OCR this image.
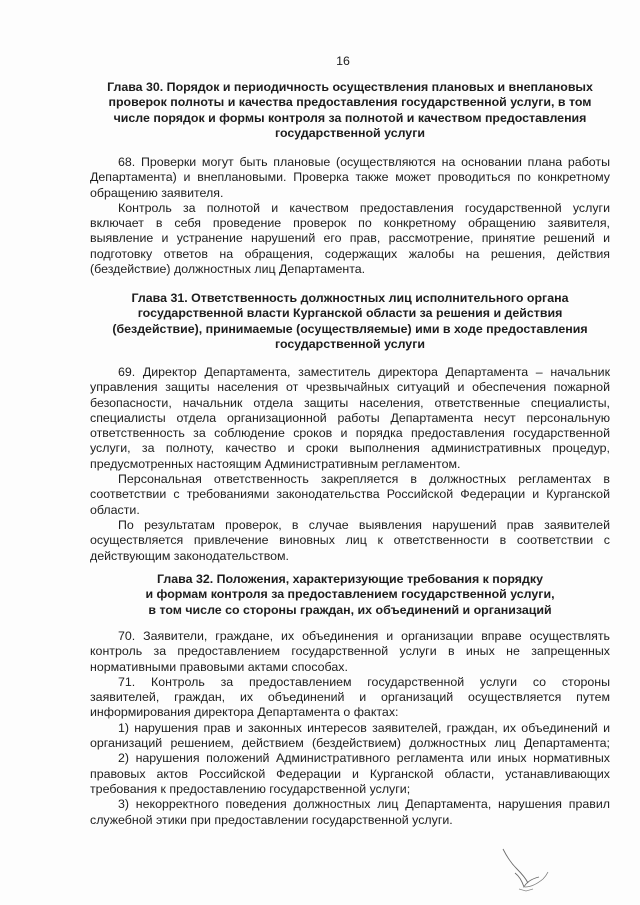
16
Глава 30. Порядок и периодичность осуществления плановых и внеплановых
проверок полноты и качества предоставления государственной услуги, в том
числе порядок и формы контроля за полнотой и качеством предоставления
государственной услуги
68. Проверки могут быть плановые (осуществляются на основании плана работы
Департамента) и внеплановыми. Проверка также может проводиться по конкретному
обращению заявителя.
Контроль за полнотой и качеством предоставления государственной услуги
включает в себя проведение проверок по конкретному обращению заявителя,
выявление и устранение нарушений его прав, рассмотрение, принятие решений и
подготовку ответов на обращения, содержащих жалобы на решения, действия
(бездействие) должностных лиц Департамента.
Глава 31. Ответственность должностных лиц исполнительного органа
государственной власти Курганской области за решения и действия
(бездействие), принимаемые (осуществляемые) ими в ходе предоставления
государственной услуги
69. Директор Департамента, заместитель директора Департамента – начальник
управления защиты населения от чрезвычайных ситуаций и обеспечения пожарной
безопасности, начальник отдела защиты населения, ответственные специалисты,
специалисты отдела организационной работы Департамента несут персональную
ответственность за соблюдение сроков и порядка предоставления государственной
услуги, за полноту, качество и сроки выполнения административных процедур,
предусмотренных настоящим Административным регламентом.
Персональная ответственность закрепляется в должностных регламентах в
соответствии с требованиями законодательства Российской Федерации и Курганской
области.
По результатам проверок, в случае выявления нарушений прав заявителей
осуществляется привлечение виновных лиц к ответственности в соответствии с
действующим законодательством.
Глава 32. Положения, характеризующие требования к порядку
и формам контроля за предоставлением государственной услуги,
в том числе со стороны граждан, их объединений и организаций
70. Заявители, граждане, их объединения и организации вправе осуществлять
контроль за предоставлением государственной услуги в иных не запрещенных
нормативными правовыми актами способах.
71. Контроль за предоставлением государственной услуги со стороны
заявителей, граждан, их объединений и организаций осуществляется путем
информирования директора Департамента о фактах:
1) нарушения прав и законных интересов заявителей, граждан, их объединений и
организаций решением, действием (бездействием) должностных лиц Департамента;
2) нарушения положений Административного регламента или иных нормативных
правовых актов Российской Федерации и Курганской области, устанавливающих
требования к предоставлению государственной услуги;
3) некорректного поведения должностных лиц Департамента, нарушения правил
служебной этики при предоставлении государственной услуги.
